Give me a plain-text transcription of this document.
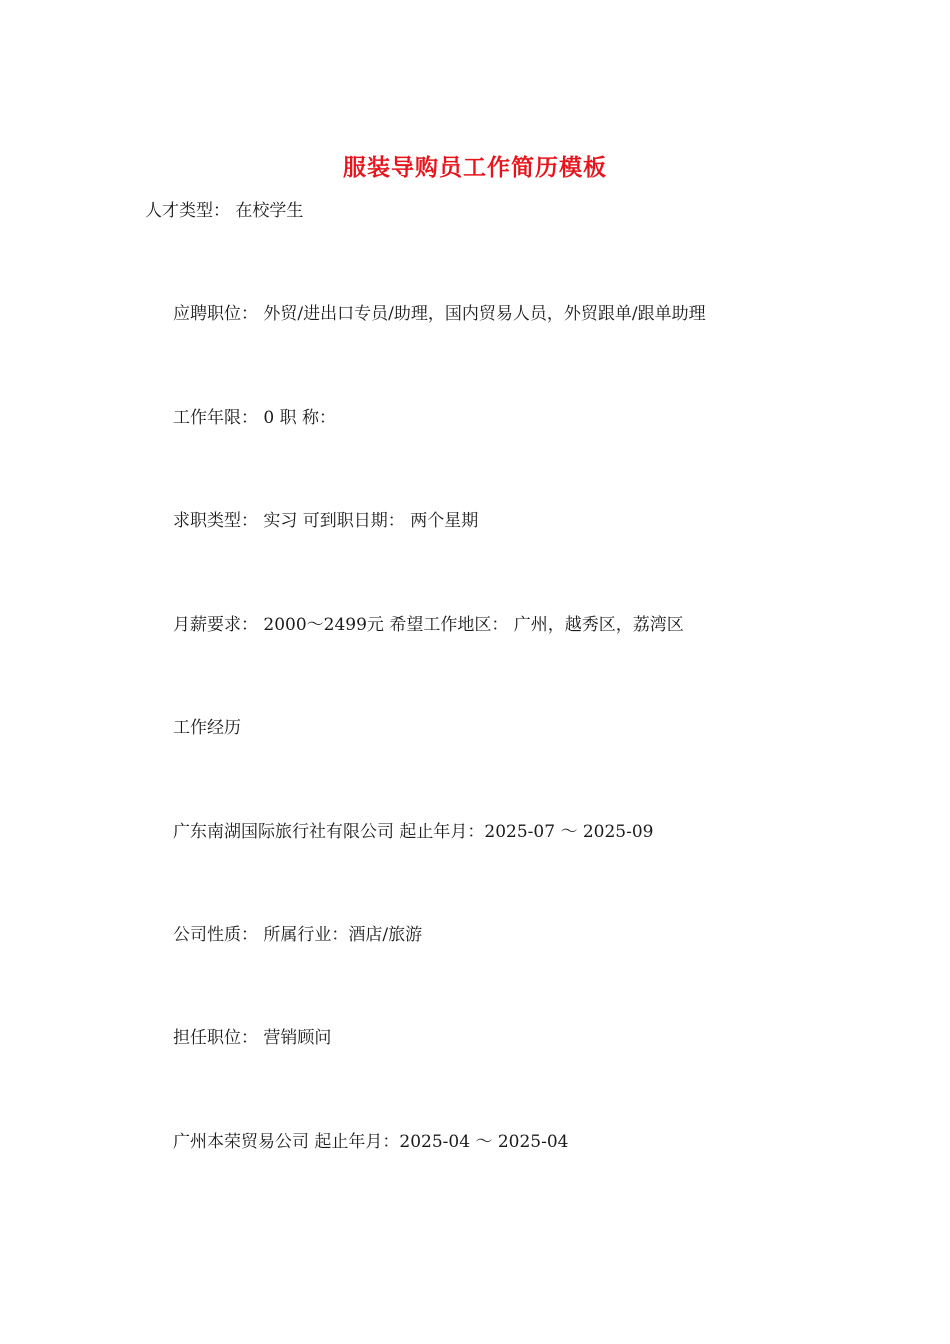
服装导购员工作简历模板
人才类型： 在校学生
应聘职位： 外贸/进出口专员/助理，国内贸易人员，外贸跟单/跟单助理
工作年限： 0 职 称：
求职类型： 实习 可到职日期： 两个星期
月薪要求： 2000～2499元 希望工作地区： 广州，越秀区，荔湾区
工作经历
广东南湖国际旅行社有限公司 起止年月：2025-07 ～ 2025-09
公司性质： 所属行业：酒店/旅游
担任职位： 营销顾问
广州本荣贸易公司 起止年月：2025-04 ～ 2025-04
